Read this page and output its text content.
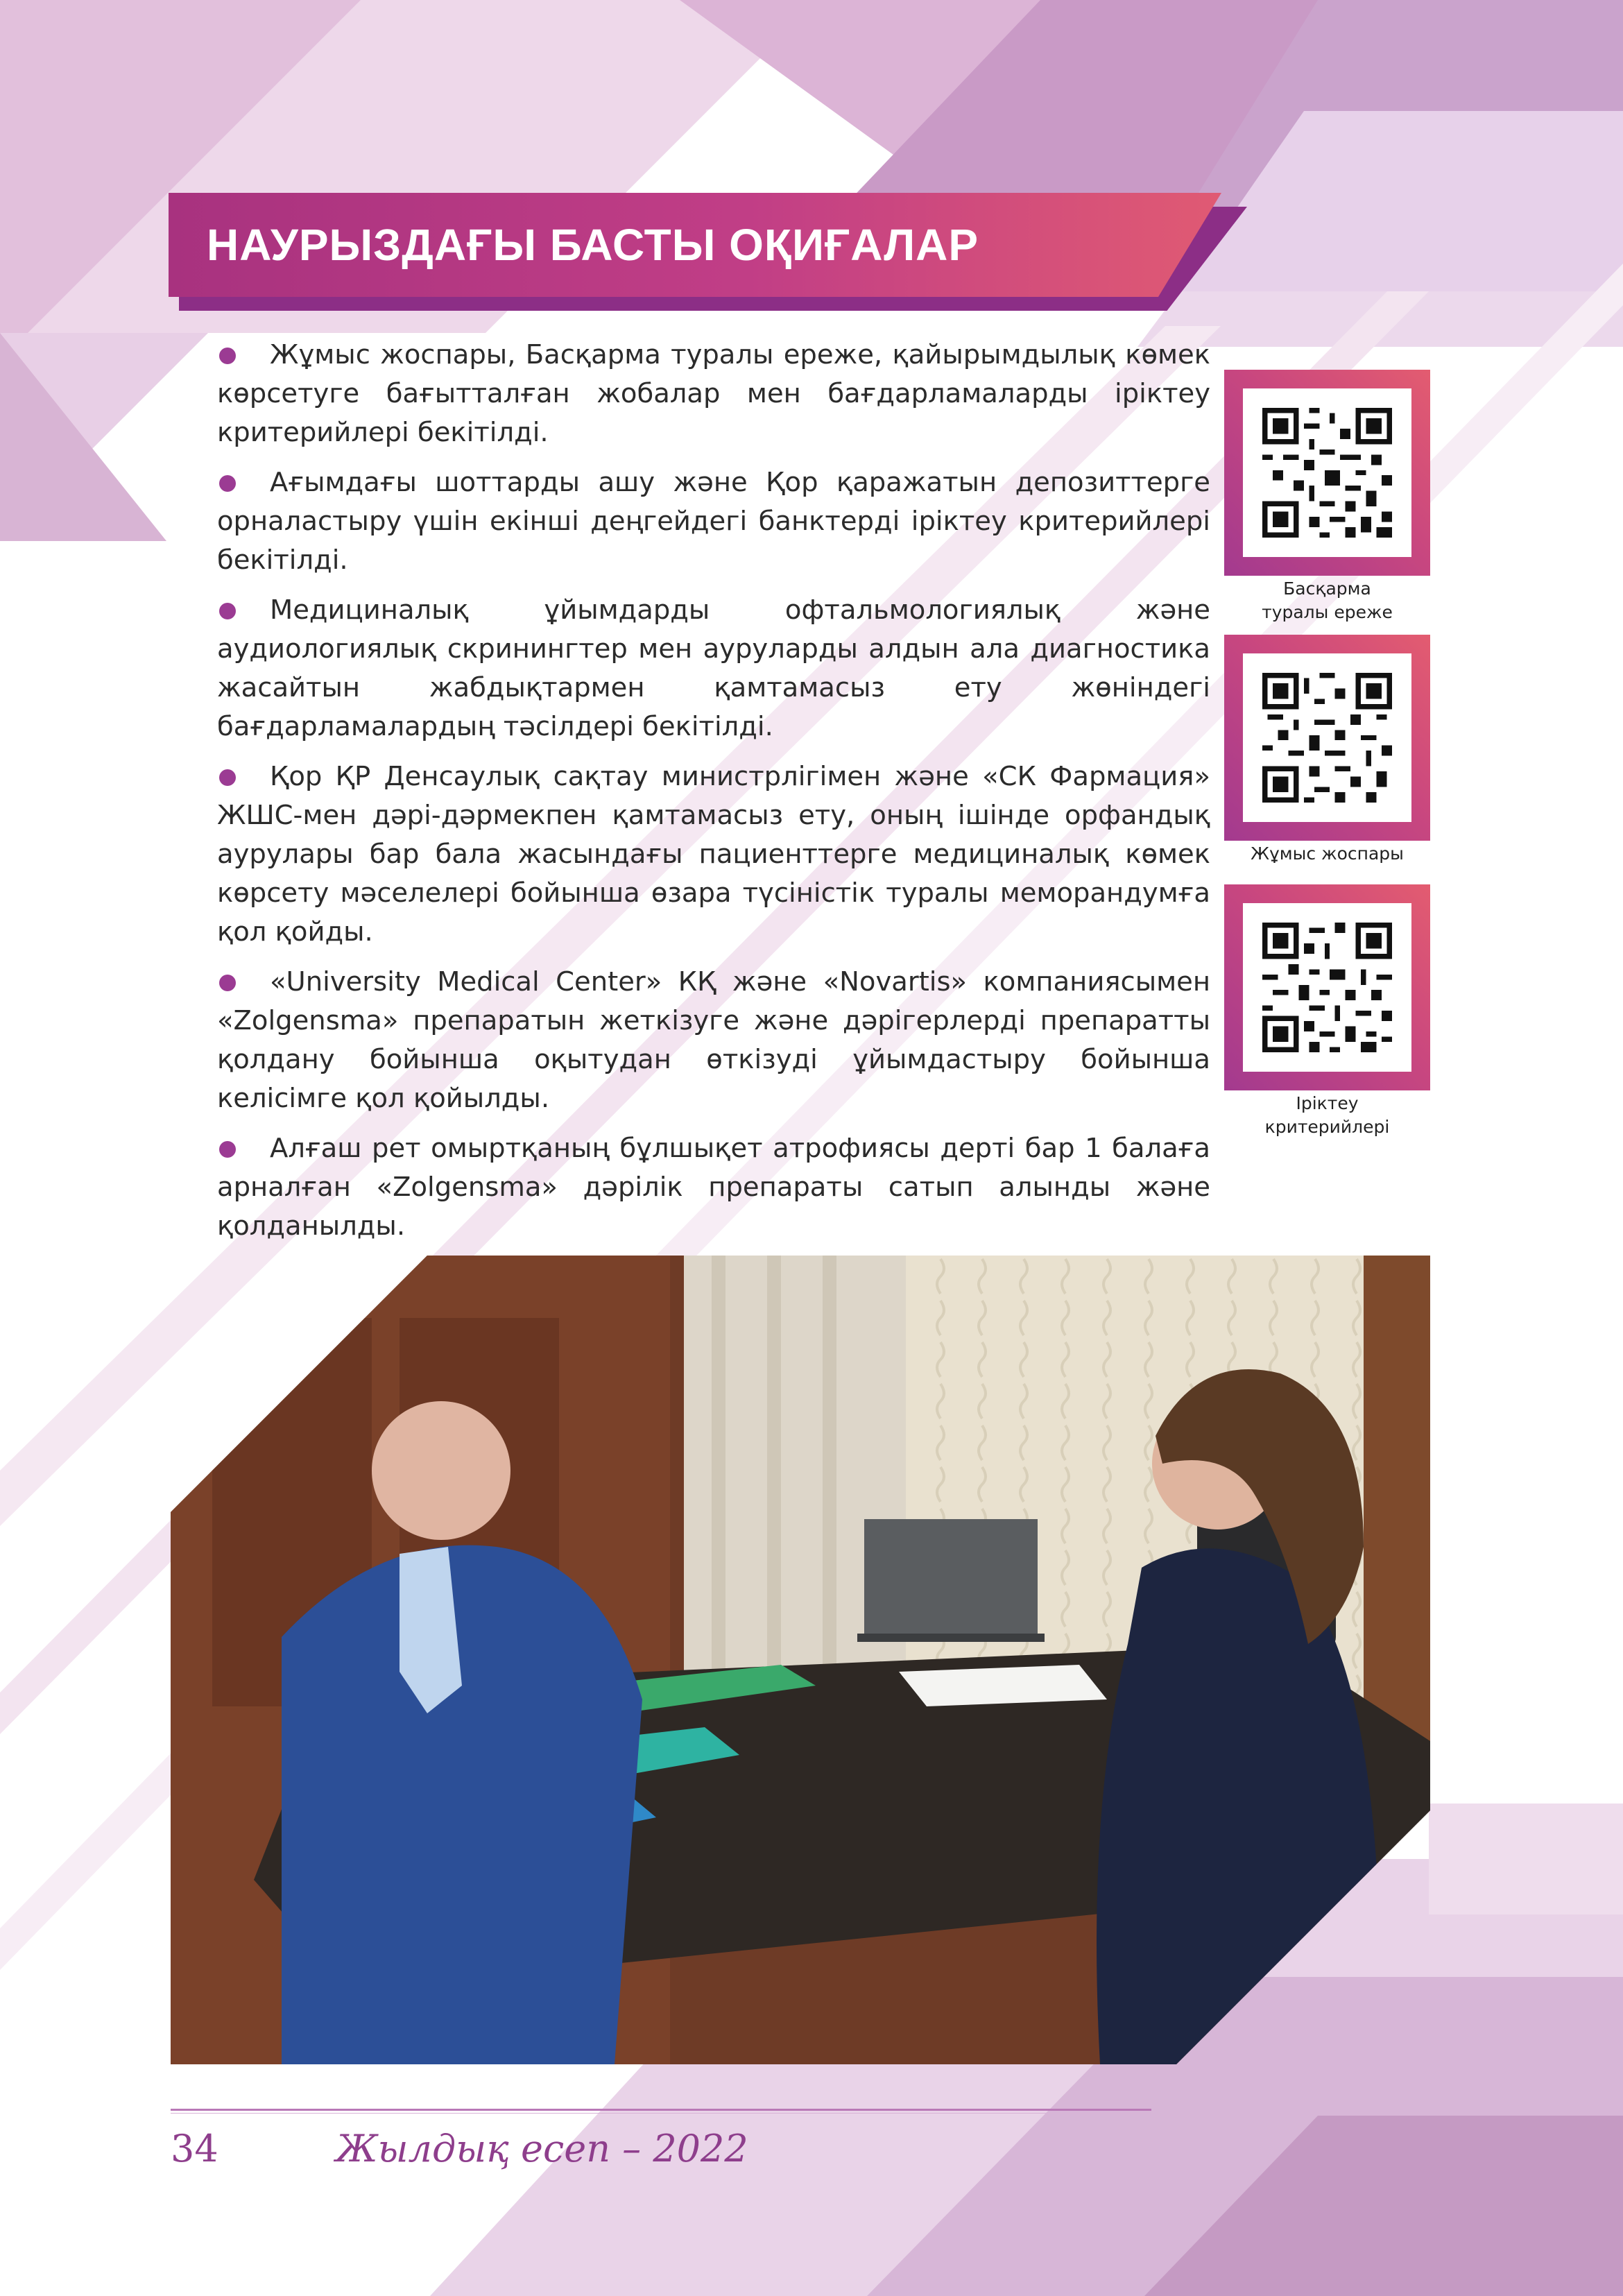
НАУРЫЗДАҒЫ БАСТЫ ОҚИҒАЛАР
Жұмыс жоспары, Басқарма туралы ереже, қайырымдылық көмек көрсетуге бағытталған жобалар мен бағдарламаларды іріктеу критерийлері бекітілді.
Ағымдағы шоттарды ашу және Қор қаражатын депозиттерге орналастыру үшін екінші деңгейдегі банктерді іріктеу критерийлері бекітілді.
Медициналық ұйымдарды офтальмологиялық және аудиологиялық скринингтер мен ауруларды алдын ала диагностика жасайтын жабдықтармен қамтамасыз ету жөніндегі бағдарламалардың тәсілдері бекітілді.
Қор ҚР Денсаулық сақтау министрлігімен және «СК Фармация» ЖШС-мен дәрі-дәрмекпен қамтамасыз ету, оның ішінде орфандық аурулары бар бала жасындағы пациенттерге медициналық көмек көрсету мәселелері бойынша өзара түсіністік туралы меморандумға қол қойды.
«University Medical Center» КҚ және «Novartis» компаниясымен «Zolgensma» препаратын жеткізуге және дәрігерлерді препаратты қолдану бойынша оқытудан өткізуді ұйымдастыру бойынша келісімге қол қойылды.
Алғаш рет омыртқаның бұлшықет атрофиясы дерті бар 1 балаға арналған «Zolgensma» дәрілік препараты сатып алынды және қолданылды.
Басқарма
туралы ереже
Жұмыс жоспары
Іріктеу
критерийлері
34	Жылдық есеп – 2022
